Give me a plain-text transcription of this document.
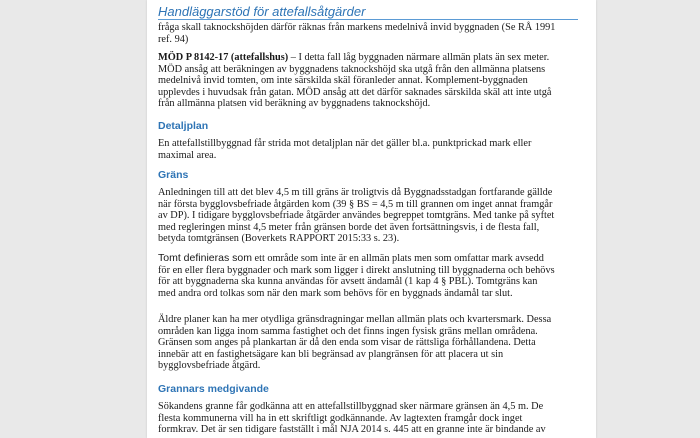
Handläggarstöd för attefallsåtgärder

fråga skall taknockshöjden därför räknas från markens medelnivå invid byggnaden (Se RÅ 1991 ref. 94)

MÖD P 8142-17 (attefallshus) – I detta fall låg byggnaden närmare allmän plats än sex meter. MÖD ansåg att beräkningen av byggnadens taknockshöjd ska utgå från den allmänna platsens medelnivå invid tomten, om inte särskilda skäl föranleder annat. Komplement-byggnaden upplevdes i huvudsak från gatan. MÖD ansåg att det därför saknades särskilda skäl att inte utgå från allmänna platsen vid beräkning av byggnadens taknockshöjd.

Detaljplan

En attefallstillbyggnad får strida mot detaljplan när det gäller bl.a. punktprickad mark eller maximal area.

Gräns

Anledningen till att det blev 4,5 m till gräns är troligtvis då Byggnadsstadgan fortfarande gällde när första bygglovsbefriade åtgärden kom (39 § BS = 4,5 m till grannen om inget annat framgår av DP). I tidigare bygglovsbefriade åtgärder användes begreppet tomtgräns. Med tanke på syftet med regleringen minst 4,5 meter från gränsen borde det även fortsättningsvis, i de flesta fall, betyda tomtgränsen (Boverkets RAPPORT 2015:33 s. 23).

Tomt definieras som ett område som inte är en allmän plats men som omfattar mark avsedd för en eller flera byggnader och mark som ligger i direkt anslutning till byggnaderna och behövs för att byggnaderna ska kunna användas för avsett ändamål (1 kap 4 § PBL). Tomtgräns kan med andra ord tolkas som när den mark som behövs för en byggnads ändamål tar slut.

Äldre planer kan ha mer otydliga gränsdragningar mellan allmän plats och kvartersmark. Dessa områden kan ligga inom samma fastighet och det finns ingen fysisk gräns mellan områdena. Gränsen som anges på plankartan är då den enda som visar de rättsliga förhållandena. Detta innebär att en fastighetsägare kan bli begränsad av plangränsen för att placera ut sin bygglovsbefriade åtgärd.

Grannars medgivande

Sökandens granne får godkänna att en attefallstillbyggnad sker närmare gränsen än 4,5 m. De flesta kommunerna vill ha in ett skriftligt godkännande. Av lagtexten framgår dock inget formkrav. Det är sen tidigare fastställt i mål NJA 2014 s. 445 att en granne inte är bindande av
